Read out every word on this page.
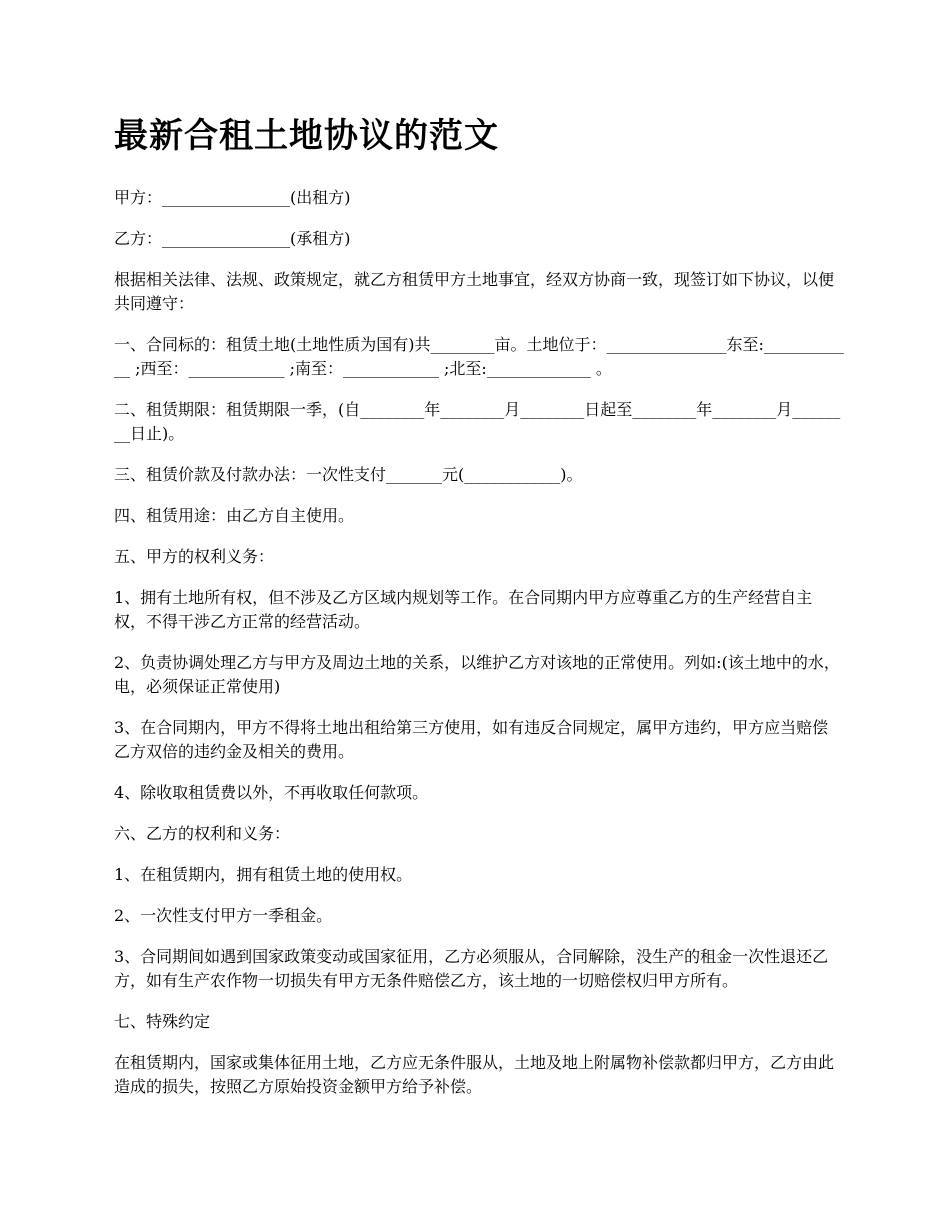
最新合租土地协议的范文
甲方：________________(出租方)
乙方：________________(承租方)
根据相关法律、法规、政策规定，就乙方租赁甲方土地事宜，经双方协商一致，现签订如下协议，以便共同遵守：
一、合同标的：租赁土地(土地性质为国有)共________亩。土地位于：_______________东至:____________ ;西至：____________ ;南至：____________ ;北至:_____________ 。
二、租赁期限：租赁期限一季，(自________年________月________日起至________年________月________日止)。
三、租赁价款及付款办法：一次性支付_______元(____________)。
四、租赁用途：由乙方自主使用。
五、甲方的权利义务：
1、拥有土地所有权，但不涉及乙方区域内规划等工作。在合同期内甲方应尊重乙方的生产经营自主权，不得干涉乙方正常的经营活动。
2、负责协调处理乙方与甲方及周边土地的关系，以维护乙方对该地的正常使用。列如:(该土地中的水，电，必须保证正常使用)
3、在合同期内，甲方不得将土地出租给第三方使用，如有违反合同规定，属甲方违约，甲方应当赔偿乙方双倍的违约金及相关的费用。
4、除收取租赁费以外，不再收取任何款项。
六、乙方的权利和义务：
1、在租赁期内，拥有租赁土地的使用权。
2、一次性支付甲方一季租金。
3、合同期间如遇到国家政策变动或国家征用，乙方必须服从，合同解除，没生产的租金一次性退还乙方，如有生产农作物一切损失有甲方无条件赔偿乙方，该土地的一切赔偿权归甲方所有。
七、特殊约定
在租赁期内，国家或集体征用土地，乙方应无条件服从，土地及地上附属物补偿款都归甲方，乙方由此造成的损失，按照乙方原始投资金额甲方给予补偿。
